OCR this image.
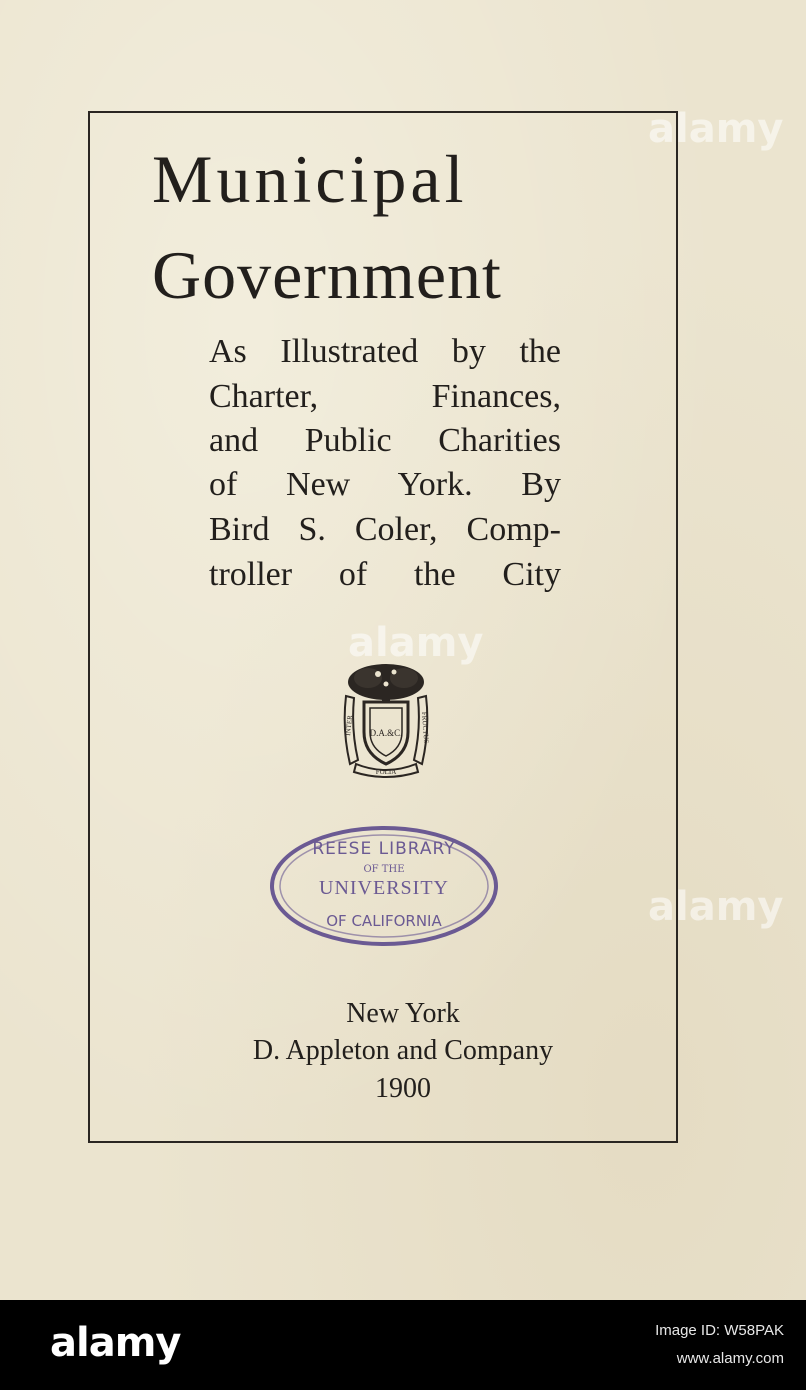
Municipal
Government
As Illustrated by the
Charter, Finances,
and Public Charities
of New York. By
Bird S. Coler, Comp-
troller of the City
INTER	FRUCTUS
FOLIA
D.A.&C.
REESE LIBRARY
OF THE
UNIVERSITY
OF CALIFORNIA
New York
D. Appleton and Company
1900
alamy
alamy
alamy
alamy	Image ID: W58PAK
www.alamy.com
